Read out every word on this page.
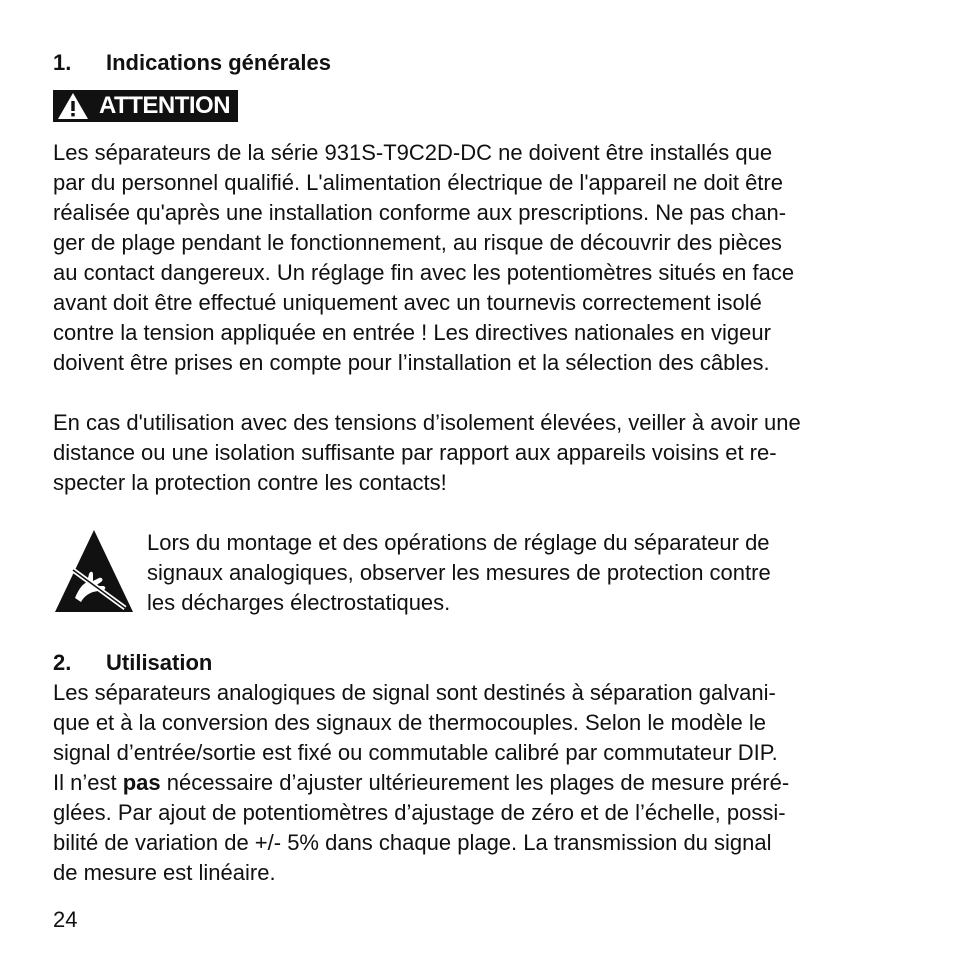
1. Indications générales
ATTENTION

Les séparateurs de la série 931S-T9C2D-DC ne doivent être installés que
par du personnel qualifié. L'alimentation électrique de l'appareil ne doit être
réalisée qu'après une installation conforme aux prescriptions. Ne pas chan-
ger de plage pendant le fonctionnement, au risque de découvrir des pièces
au contact dangereux. Un réglage fin avec les potentiomètres situés en face
avant doit être effectué uniquement avec un tournevis correctement isolé
contre la tension appliquée en entrée ! Les directives nationales en vigeur
doivent être prises en compte pour l’installation et la sélection des câbles.

En cas d'utilisation avec des tensions d’isolement élevées, veiller à avoir une
distance ou une isolation suffisante par rapport aux appareils voisins et re-
specter la protection contre les contacts!

Lors du montage et des opérations de réglage du séparateur de
signaux analogiques, observer les mesures de protection contre
les décharges électrostatiques.

2. Utilisation

Les séparateurs analogiques de signal sont destinés à séparation galvani-
que et à la conversion des signaux de thermocouples. Selon le modèle le
signal d’entrée/sortie est fixé ou commutable calibré par commutateur DIP.
Il n’est pas nécessaire d’ajuster ultérieurement les plages de mesure préré-
glées. Par ajout de potentiomètres d’ajustage de zéro et de l’échelle, possi-
bilité de variation de +/- 5% dans chaque plage. La transmission du signal
de mesure est linéaire.

24
